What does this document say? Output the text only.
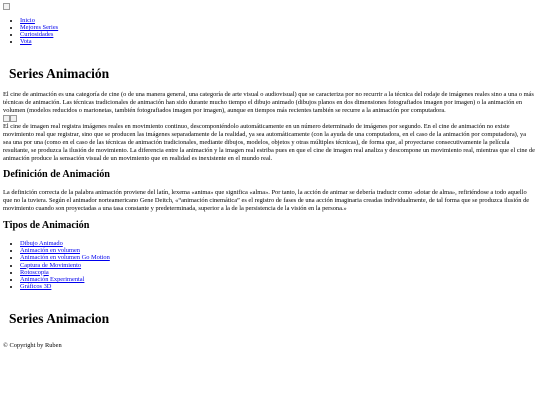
• Inicio
• Mejores Series
• Curiosidades
• Vota
Series Animación

El cine de animación es una categoría de cine (o de una manera general, una categoría de arte visual o audiovisual) que se caracteriza por no recurrir a la técnica del rodaje de imágenes reales sino a una o más técnicas de animación. Las técnicas tradicionales de animación han sido durante mucho tiempo el dibujo animado (dibujos planos en dos dimensiones fotografiados imagen por imagen) o la animación en volumen (modelos reducidos o marionetas, también fotografiados imagen por imagen), aunque en tiempos más recientes también se recurre a la animación por computadora.

El cine de imagen real registra imágenes reales en movimiento continuo, descomponiéndolo automáticamente en un número determinado de imágenes por segundo. En el cine de animación no existe movimiento real que registrar, sino que se producen las imágenes separadamente de la realidad, ya sea automáticamente (con la ayuda de una computadora, en el caso de la animación por computadora), ya sea una por una (como en el caso de las técnicas de animación tradicionales, mediante dibujos, modelos, objetos y otras múltiples técnicas), de forma que, al proyectarse consecutivamente la película resultante, se produzca la ilusión de movimiento. La diferencia entre la animación y la imagen real estriba pues en que el cine de imagen real analiza y descompone un movimiento real, mientras que el cine de animación produce la sensación visual de un movimiento que en realidad es inexistente en el mundo real.

Definición de Animación

La definición correcta de la palabra animación proviene del latín, lexema «anima» que significa «alma». Por tanto, la acción de animar se debería traducir como «dotar de alma», refiriéndose a todo aquello que no la tuviera. Según el animador norteamericano Gene Deitch, «“animación cinemática” es el registro de fases de una acción imaginaria creadas individualmente, de tal forma que se produzca ilusión de movimiento cuando son proyectadas a una tasa constante y predeterminada, superior a la de la persistencia de la visión en la persona.»

Tipos de Animación
• Dibujo Animado
• Animación en volumen
• Animación en volumen Go Motion
• Captura de Movimiento
• Rotoscopia
• Animación Experimental
• Gráficos 3D
Series Animacion

© Copyright by Ruben
